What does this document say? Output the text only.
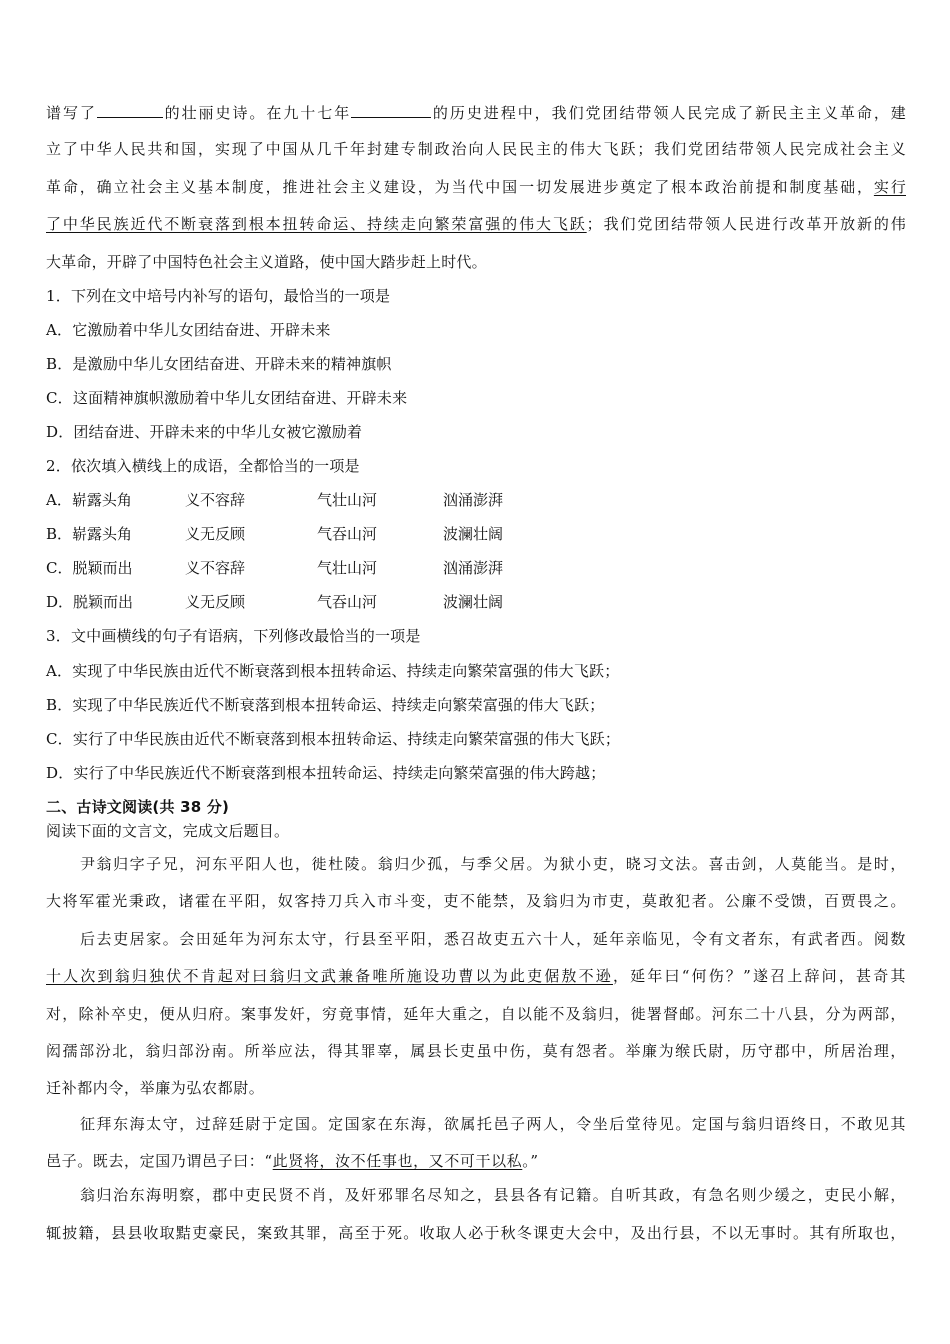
谱写了	的壮丽史诗。在九十七年	的历史进程中，我们党团结带领人民完成了新民主主义革命，建
立了中华人民共和国，实现了中国从几千年封建专制政治向人民民主的伟大飞跃；我们党团结带领人民完成社会主义
革命，确立社会主义基本制度，推进社会主义建设，为当代中国一切发展进步奠定了根本政治前提和制度基础，实行
了中华民族近代不断衰落到根本扭转命运、持续走向繁荣富强的伟大飞跃；我们党团结带领人民进行改革开放新的伟
大革命，开辟了中国特色社会主义道路，使中国大踏步赶上时代。
1．下列在文中培号内补写的语句，最恰当的一项是
A．它激励着中华儿女团结奋进、开辟未来
B．是激励中华儿女团结奋进、开辟未来的精神旗帜
C．这面精神旗帜激励着中华儿女团结奋进、开辟未来
D．团结奋进、开辟未来的中华儿女被它激励着
2．依次填入横线上的成语，全都恰当的一项是
A．崭露头角	义不容辞	气壮山河	汹涌澎湃
B．崭露头角	义无反顾	气吞山河	波澜壮阔
C．脱颖而出	义不容辞	气壮山河	汹涌澎湃
D．脱颖而出	义无反顾	气吞山河	波澜壮阔
3．文中画横线的句子有语病，下列修改最恰当的一项是
A．实现了中华民族由近代不断衰落到根本扭转命运、持续走向繁荣富强的伟大飞跃；
B．实现了中华民族近代不断衰落到根本扭转命运、持续走向繁荣富强的伟大飞跃；
C．实行了中华民族由近代不断衰落到根本扭转命运、持续走向繁荣富强的伟大飞跃；
D．实行了中华民族近代不断衰落到根本扭转命运、持续走向繁荣富强的伟大跨越；
二、古诗文阅读(共 38 分)
阅读下面的文言文，完成文后题目。
尹翁归字子兄，河东平阳人也，徙杜陵。翁归少孤，与季父居。为狱小吏，晓习文法。喜击剑，人莫能当。是时，
大将军霍光秉政，诸霍在平阳，奴客持刀兵入市斗变，吏不能禁，及翁归为市吏，莫敢犯者。公廉不受馈，百贾畏之。
后去吏居家。会田延年为河东太守，行县至平阳，悉召故吏五六十人，延年亲临见，令有文者东，有武者西。阅数
十人次到翁归独伏不肯起对曰翁归文武兼备唯所施设功曹以为此吏倨敖不逊，延年曰“何伤？”遂召上辞问，甚奇其
对，除补卒史，便从归府。案事发奸，穷竟事情，延年大重之，自以能不及翁归，徙署督邮。河东二十八县，分为两部，
闳孺部汾北，翁归部汾南。所举应法，得其罪辜，属县长吏虽中伤，莫有怨者。举廉为缑氏尉，历守郡中，所居治理，
迁补都内令，举廉为弘农都尉。
征拜东海太守，过辞廷尉于定国。定国家在东海，欲属托邑子两人，令坐后堂待见。定国与翁归语终日，不敢见其
邑子。既去，定国乃谓邑子曰：“此贤将，汝不任事也，又不可干以私。”
翁归治东海明察，郡中吏民贤不肖，及奸邪罪名尽知之，县县各有记籍。自听其政，有急名则少缓之，吏民小解，
辄披籍，县县收取黠吏豪民，案致其罪，高至于死。收取人必于秋冬课吏大会中，及出行县，不以无事时。其有所取也，
